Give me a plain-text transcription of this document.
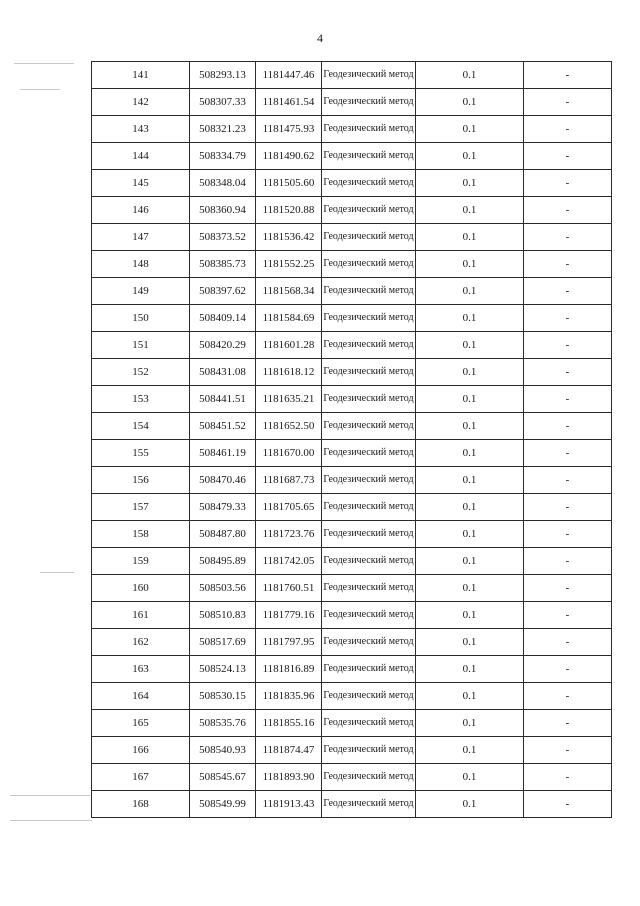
4
141	508293.13	1181447.46	Геодезический метод	0.1	-
142	508307.33	1181461.54	Геодезический метод	0.1	-
143	508321.23	1181475.93	Геодезический метод	0.1	-
144	508334.79	1181490.62	Геодезический метод	0.1	-
145	508348.04	1181505.60	Геодезический метод	0.1	-
146	508360.94	1181520.88	Геодезический метод	0.1	-
147	508373.52	1181536.42	Геодезический метод	0.1	-
148	508385.73	1181552.25	Геодезический метод	0.1	-
149	508397.62	1181568.34	Геодезический метод	0.1	-
150	508409.14	1181584.69	Геодезический метод	0.1	-
151	508420.29	1181601.28	Геодезический метод	0.1	-
152	508431.08	1181618.12	Геодезический метод	0.1	-
153	508441.51	1181635.21	Геодезический метод	0.1	-
154	508451.52	1181652.50	Геодезический метод	0.1	-
155	508461.19	1181670.00	Геодезический метод	0.1	-
156	508470.46	1181687.73	Геодезический метод	0.1	-
157	508479.33	1181705.65	Геодезический метод	0.1	-
158	508487.80	1181723.76	Геодезический метод	0.1	-
159	508495.89	1181742.05	Геодезический метод	0.1	-
160	508503.56	1181760.51	Геодезический метод	0.1	-
161	508510.83	1181779.16	Геодезический метод	0.1	-
162	508517.69	1181797.95	Геодезический метод	0.1	-
163	508524.13	1181816.89	Геодезический метод	0.1	-
164	508530.15	1181835.96	Геодезический метод	0.1	-
165	508535.76	1181855.16	Геодезический метод	0.1	-
166	508540.93	1181874.47	Геодезический метод	0.1	-
167	508545.67	1181893.90	Геодезический метод	0.1	-
168	508549.99	1181913.43	Геодезический метод	0.1	-
